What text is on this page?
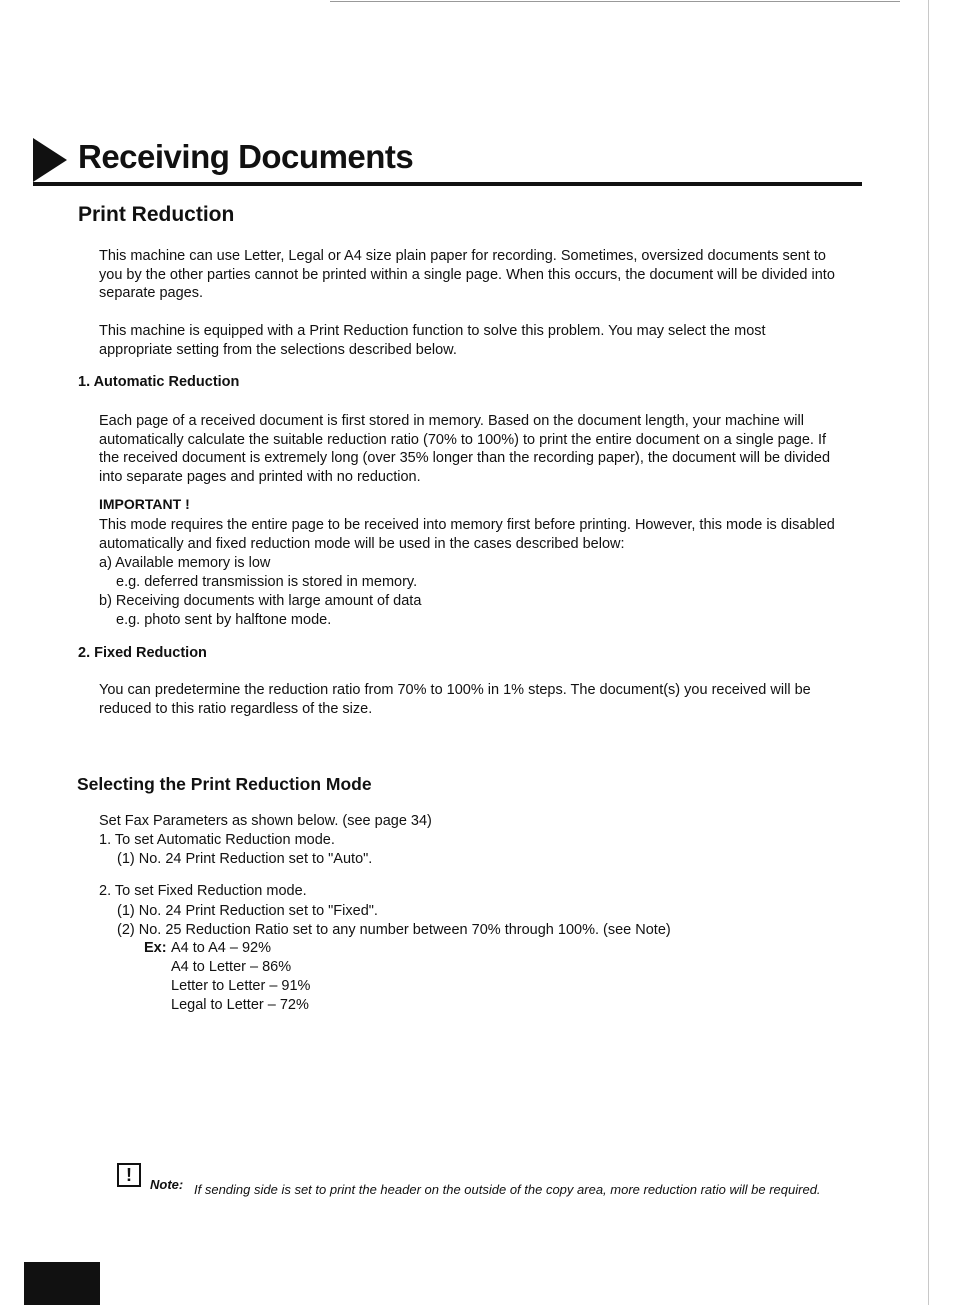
Receiving Documents
Print Reduction
This machine can use Letter, Legal or A4 size plain paper for recording. Sometimes, oversized documents sent to you by the other parties cannot be printed within a single page. When this occurs, the document will be divided into separate pages.
This machine is equipped with a Print Reduction function to solve this problem. You may select the most appropriate setting from the selections described below.
1. Automatic Reduction
Each page of a received document is first stored in memory. Based on the document length, your machine will automatically calculate the suitable reduction ratio (70% to 100%) to print the entire document on a single page. If the received document is extremely long (over 35% longer than the recording paper), the document will be divided into separate pages and printed with no reduction.
IMPORTANT !
This mode requires the entire page to be received into memory first before printing. However, this mode is disabled automatically and fixed reduction mode will be used in the cases described below:
a) Available memory is low
e.g. deferred transmission is stored in memory.
b) Receiving documents with large amount of data
e.g. photo sent by halftone mode.
2. Fixed Reduction
You can predetermine the reduction ratio from 70% to 100% in 1% steps. The document(s) you received will be reduced to this ratio regardless of the size.
Selecting the Print Reduction Mode
Set Fax Parameters as shown below. (see page 34)
1. To set Automatic Reduction mode.
(1) No. 24 Print Reduction set to "Auto".
2. To set Fixed Reduction mode.
(1) No. 24 Print Reduction set to "Fixed".
(2) No. 25 Reduction Ratio set to any number between 70% through 100%. (see Note)
Ex: A4 to A4 – 92%
A4 to Letter – 86%
Letter to Letter – 91%
Legal to Letter – 72%
!	Note: If sending side is set to print the header on the outside of the copy area, more reduction ratio will be required.
